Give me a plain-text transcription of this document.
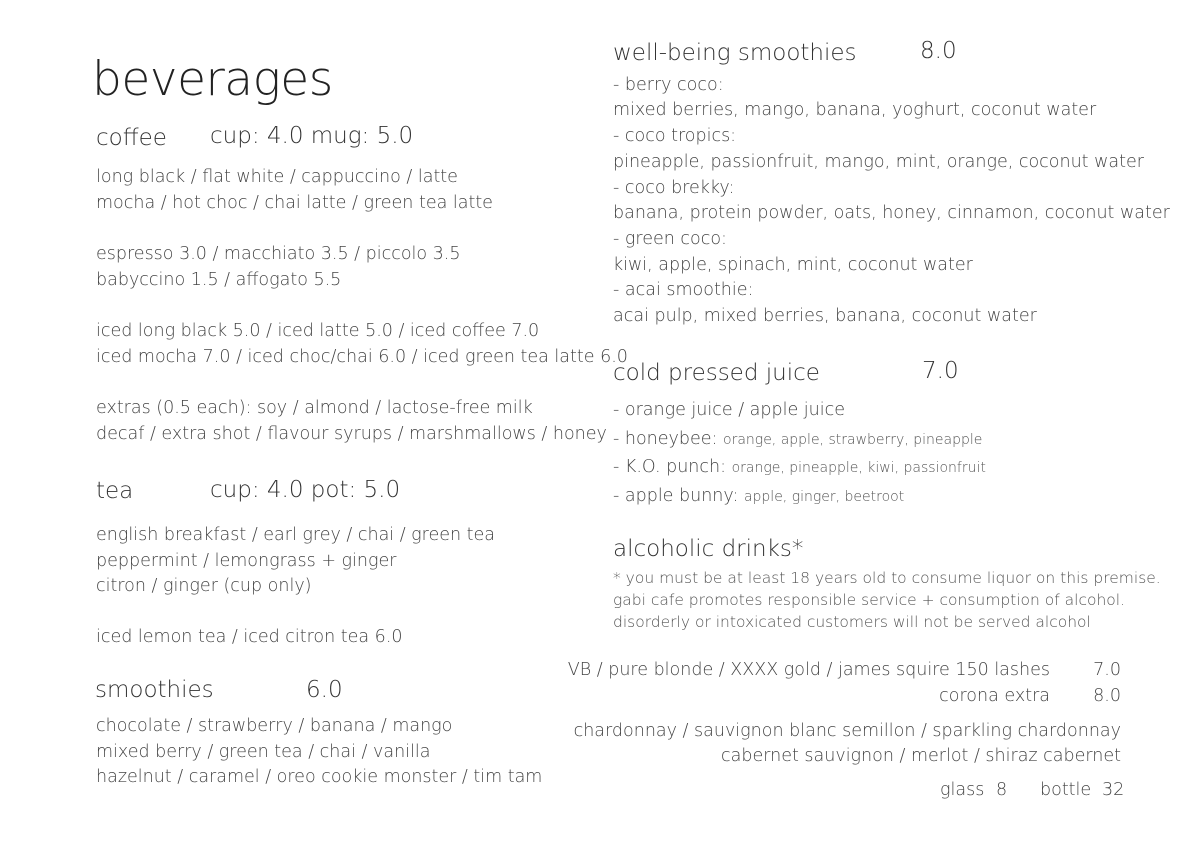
beverages
coffee cup: 4.0 mug: 5.0
long black / flat white / cappuccino / latte
mocha / hot choc / chai latte / green tea latte
espresso 3.0 / macchiato 3.5 / piccolo 3.5
babyccino 1.5 / affogato 5.5
iced long black 5.0 / iced latte 5.0 / iced coffee 7.0
iced mocha 7.0 / iced choc/chai 6.0 / iced green tea latte 6.0
extras (0.5 each): soy / almond / lactose-free milk
decaf / extra shot / flavour syrups / marshmallows / honey
tea	cup: 4.0 pot: 5.0
english breakfast / earl grey / chai / green tea
peppermint / lemongrass + ginger
citron / ginger (cup only)
iced lemon tea / iced citron tea 6.0
smoothies	6.0
chocolate / strawberry / banana / mango
mixed berry / green tea / chai / vanilla
hazelnut / caramel / oreo cookie monster / tim tam
well-being smoothies	8.0
- berry coco:
mixed berries, mango, banana, yoghurt, coconut water
- coco tropics:
pineapple, passionfruit, mango, mint, orange, coconut water
- coco brekky:
banana, protein powder, oats, honey, cinnamon, coconut water
- green coco:
kiwi, apple, spinach, mint, coconut water
- acai smoothie:
acai pulp, mixed berries, banana, coconut water
cold pressed juice	7.0
- orange juice / apple juice
- honeybee: orange, apple, strawberry, pineapple
- K.O. punch: orange, pineapple, kiwi, passionfruit
- apple bunny: apple, ginger, beetroot
alcoholic drinks*
* you must be at least 18 years old to consume liquor on this premise.
gabi cafe promotes responsible service + consumption of alcohol.
disorderly or intoxicated customers will not be served alcohol
VB / pure blonde / XXXX gold / james squire 150 lashes 7.0
corona extra 8.0
chardonnay / sauvignon blanc semillon / sparkling chardonnay
cabernet sauvignon / merlot / shiraz cabernet
glass 8 bottle 32
